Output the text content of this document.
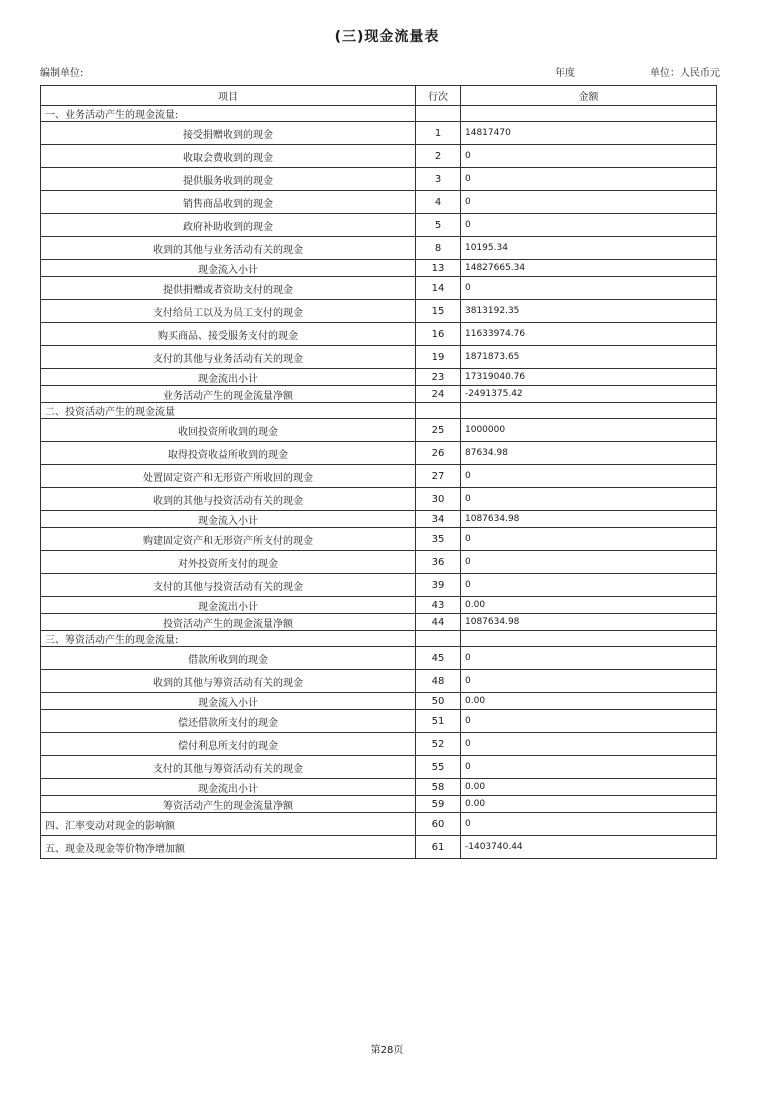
(三)现金流量表
编制单位:	年度	单位：人民币元
项目	行次	金额
一、业务活动产生的现金流量:		
接受捐赠收到的现金	1	14817470
收取会费收到的现金	2	0
提供服务收到的现金	3	0
销售商品收到的现金	4	0
政府补助收到的现金	5	0
收到的其他与业务活动有关的现金	8	10195.34
现金流入小计	13	14827665.34
提供捐赠或者资助支付的现金	14	0
支付给员工以及为员工支付的现金	15	3813192.35
购买商品、接受服务支付的现金	16	11633974.76
支付的其他与业务活动有关的现金	19	1871873.65
现金流出小计	23	17319040.76
业务活动产生的现金流量净额	24	-2491375.42
二、投资活动产生的现金流量		
收回投资所收到的现金	25	1000000
取得投资收益所收到的现金	26	87634.98
处置固定资产和无形资产所收回的现金	27	0
收到的其他与投资活动有关的现金	30	0
现金流入小计	34	1087634.98
购建固定资产和无形资产所支付的现金	35	0
对外投资所支付的现金	36	0
支付的其他与投资活动有关的现金	39	0
现金流出小计	43	0.00
投资活动产生的现金流量净额	44	1087634.98
三、筹资活动产生的现金流量:		
借款所收到的现金	45	0
收到的其他与筹资活动有关的现金	48	0
现金流入小计	50	0.00
偿还借款所支付的现金	51	0
偿付利息所支付的现金	52	0
支付的其他与筹资活动有关的现金	55	0
现金流出小计	58	0.00
筹资活动产生的现金流量净额	59	0.00
四、汇率变动对现金的影响额	60	0
五、现金及现金等价物净增加额	61	-1403740.44
第28页
